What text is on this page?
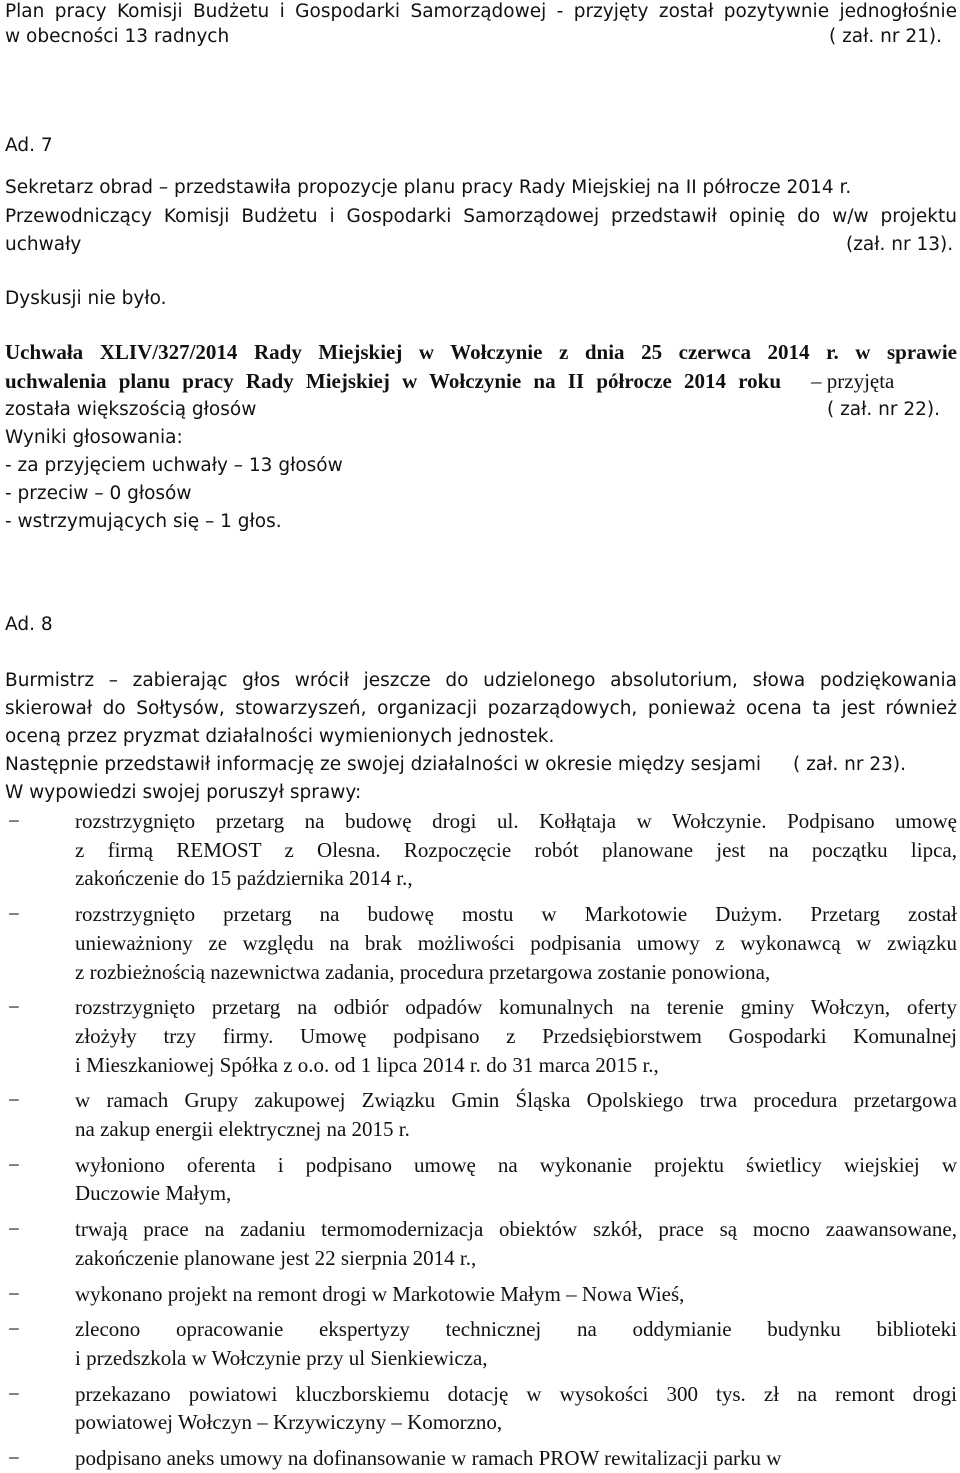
Plan pracy Komisji Budżetu i Gospodarki Samorządowej - przyjęty został pozytywnie jednogłośnie
w obecności 13 radnych	( zał. nr 21).
Ad. 7
Sekretarz obrad – przedstawiła propozycje planu pracy Rady Miejskiej na II półrocze 2014 r.
Przewodniczący Komisji Budżetu i Gospodarki Samorządowej przedstawił opinię do w/w projektu
uchwały	(zał. nr 13).
Dyskusji nie było.
Uchwała XLIV/327/2014 Rady Miejskiej w Wołczynie z dnia 25 czerwca 2014 r. w sprawie
uchwalenia planu pracy Rady Miejskiej w Wołczynie na II półrocze 2014 roku – przyjęta
została większością głosów	( zał. nr 22).
Wyniki głosowania:
- za przyjęciem uchwały – 13 głosów
- przeciw – 0 głosów
- wstrzymujących się – 1 głos.
Ad. 8
Burmistrz – zabierając głos wrócił jeszcze do udzielonego absolutorium, słowa podziękowania
skierował do Sołtysów, stowarzyszeń, organizacji pozarządowych, ponieważ ocena ta jest również
oceną przez pryzmat działalności wymienionych jednostek.
Następnie przedstawił informację ze swojej działalności w okresie między sesjami ( zał. nr 23).
W wypowiedzi swojej poruszył sprawy:
−	rozstrzygnięto przetarg na budowę drogi ul. Kołłątaja w Wołczynie. Podpisano umowę
z firmą REMOST z Olesna. Rozpoczęcie robót planowane jest na początku lipca,
zakończenie do 15 października 2014 r.,
−	rozstrzygnięto przetarg na budowę mostu w Markotowie Dużym. Przetarg został
unieważniony ze względu na brak możliwości podpisania umowy z wykonawcą w związku
z rozbieżnością nazewnictwa zadania, procedura przetargowa zostanie ponowiona,
−	rozstrzygnięto przetarg na odbiór odpadów komunalnych na terenie gminy Wołczyn, oferty
złożyły trzy firmy. Umowę podpisano z Przedsiębiorstwem Gospodarki Komunalnej
i Mieszkaniowej Spółka z o.o. od 1 lipca 2014 r. do 31 marca 2015 r.,
−	w ramach Grupy zakupowej Związku Gmin Śląska Opolskiego trwa procedura przetargowa
na zakup energii elektrycznej na 2015 r.
−	wyłoniono oferenta i podpisano umowę na wykonanie projektu świetlicy wiejskiej w
Duczowie Małym,
−	trwają prace na zadaniu termomodernizacja obiektów szkół, prace są mocno zaawansowane,
zakończenie planowane jest 22 sierpnia 2014 r.,
−	wykonano projekt na remont drogi w Markotowie Małym – Nowa Wieś,
−	zlecono opracowanie ekspertyzy technicznej na oddymianie budynku biblioteki
i przedszkola w Wołczynie przy ul Sienkiewicza,
−	przekazano powiatowi kluczborskiemu dotację w wysokości 300 tys. zł na remont drogi
powiatowej Wołczyn – Krzywiczyny – Komorzno,
−	podpisano aneks umowy na dofinansowanie w ramach PROW rewitalizacji parku w
